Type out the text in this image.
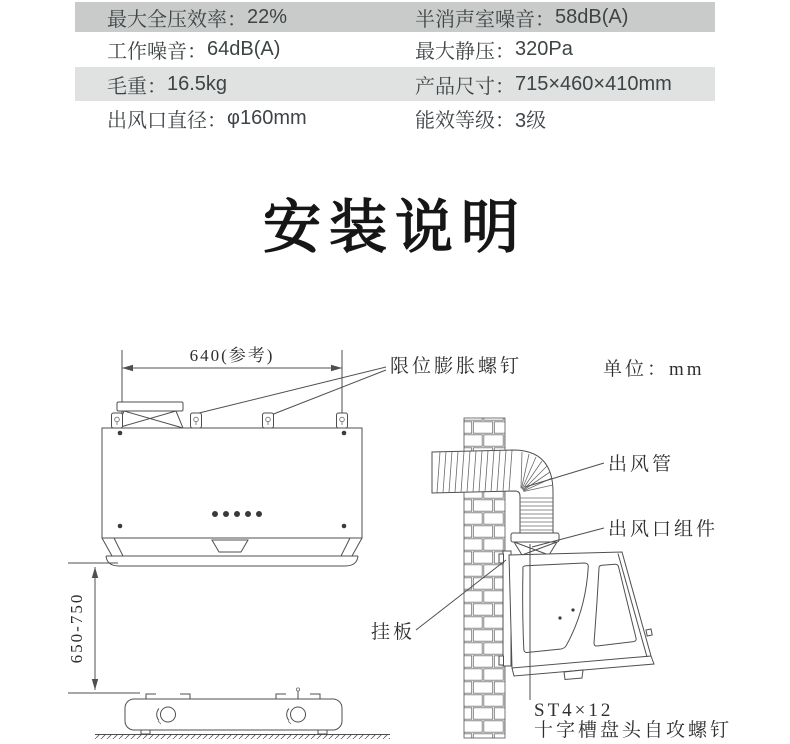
最大全压效率： 22%	半消声室噪音： 58dB(A)
工作噪音： 64dB(A)	最大静压： 320Pa
毛重： 16.5kg	产品尺寸： 715×460×410mm
出风口直径： φ160mm	能效等级： 3级
安装说明
640(参考)
限位膨胀螺钉	单位：mm
650-750
出风管
出风口组件
挂板
ST4×12
十字槽盘头自攻螺钉
